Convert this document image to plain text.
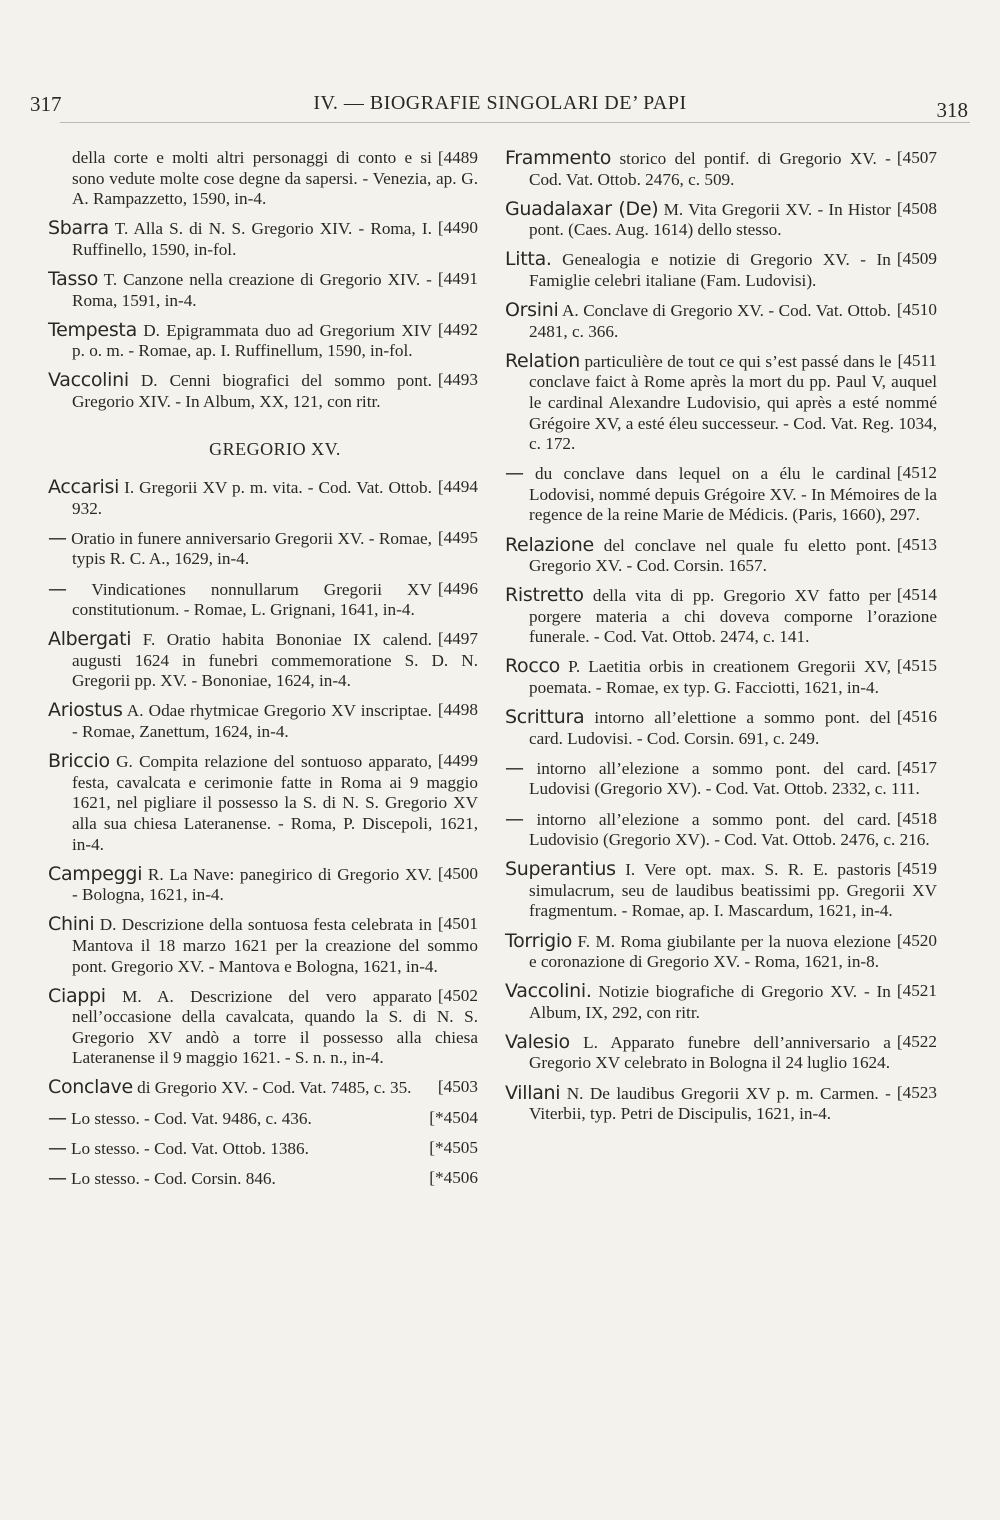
317	IV. — BIOGRAFIE SINGOLARI DE’ PAPI	318
[4489
della corte e molti altri personaggi di conto e si sono vedute molte cose degne da sapersi. - Venezia, ap. G. A. Rampazzetto, 1590, in-4.
[4490
Sbarra T. Alla S. di N. S. Gregorio XIV. - Roma, I. Ruffinello, 1590, in-fol.
[4491
Tasso T. Canzone nella creazione di Gregorio XIV. - Roma, 1591, in-4.
[4492
Tempesta D. Epigrammata duo ad Gregorium XIV p. o. m. - Romae, ap. I. Ruffinellum, 1590, in-fol.
[4493
Vaccolini D. Cenni biografici del sommo pont. Gregorio XIV. - In Album, XX, 121, con ritr.
GREGORIO XV.
[4494
Accarisi I. Gregorii XV p. m. vita. - Cod. Vat. Ottob. 932.
[4495
— Oratio in funere anniversario Gregorii XV. - Romae, typis R. C. A., 1629, in-4.
[4496
— Vindicationes nonnullarum Gregorii XV constitutionum. - Romae, L. Grignani, 1641, in-4.
[4497
Albergati F. Oratio habita Bononiae IX calend. augusti 1624 in funebri commemoratione S. D. N. Gregorii pp. XV. - Bononiae, 1624, in-4.
[4498
Ariostus A. Odae rhytmicae Gregorio XV inscriptae. - Romae, Zanettum, 1624, in-4.
[4499
Briccio G. Compita relazione del sontuoso apparato, festa, cavalcata e cerimonie fatte in Roma ai 9 maggio 1621, nel pigliare il possesso la S. di N. S. Gregorio XV alla sua chiesa Lateranense. - Roma, P. Discepoli, 1621, in-4.
[4500
Campeggi R. La Nave: panegirico di Gregorio XV. - Bologna, 1621, in-4.
[4501
Chini D. Descrizione della sontuosa festa celebrata in Mantova il 18 marzo 1621 per la creazione del sommo pont. Gregorio XV. - Mantova e Bologna, 1621, in-4.
[4502
Ciappi M. A. Descrizione del vero apparato nell’occasione della cavalcata, quando la S. di N. S. Gregorio XV andò a torre il possesso alla chiesa Lateranense il 9 maggio 1621. - S. n. n., in-4.
[4503
Conclave di Gregorio XV. - Cod. Vat. 7485, c. 35.
[*4504
— Lo stesso. - Cod. Vat. 9486, c. 436.
[*4505
— Lo stesso. - Cod. Vat. Ottob. 1386.
[*4506
— Lo stesso. - Cod. Corsin. 846.
[4507
Frammento storico del pontif. di Gregorio XV. - Cod. Vat. Ottob. 2476, c. 509.
[4508
Guadalaxar (De) M. Vita Gregorii XV. - In Histor pont. (Caes. Aug. 1614) dello stesso.
[4509
Litta. Genealogia e notizie di Gregorio XV. - In Famiglie celebri italiane (Fam. Ludovisi).
[4510
Orsini A. Conclave di Gregorio XV. - Cod. Vat. Ottob. 2481, c. 366.
[4511
Relation particulière de tout ce qui s’est passé dans le conclave faict à Rome après la mort du pp. Paul V, auquel le cardinal Alexandre Ludovisio, qui après a esté nommé Grégoire XV, a esté éleu successeur. - Cod. Vat. Reg. 1034, c. 172.
[4512
— du conclave dans lequel on a élu le cardinal Lodovisi, nommé depuis Grégoire XV. - In Mémoires de la regence de la reine Marie de Médicis. (Paris, 1660), 297.
[4513
Relazione del conclave nel quale fu eletto pont. Gregorio XV. - Cod. Corsin. 1657.
[4514
Ristretto della vita di pp. Gregorio XV fatto per porgere materia a chi doveva comporne l’orazione funerale. - Cod. Vat. Ottob. 2474, c. 141.
[4515
Rocco P. Laetitia orbis in creationem Gregorii XV, poemata. - Romae, ex typ. G. Facciotti, 1621, in-4.
[4516
Scrittura intorno all’elettione a sommo pont. del card. Ludovisi. - Cod. Corsin. 691, c. 249.
[4517
— intorno all’elezione a sommo pont. del card. Ludovisi (Gregorio XV). - Cod. Vat. Ottob. 2332, c. 111.
[4518
— intorno all’elezione a sommo pont. del card. Ludovisio (Gregorio XV). - Cod. Vat. Ottob. 2476, c. 216.
[4519
Superantius I. Vere opt. max. S. R. E. pastoris simulacrum, seu de laudibus beatissimi pp. Gregorii XV fragmentum. - Romae, ap. I. Mascardum, 1621, in-4.
[4520
Torrigio F. M. Roma giubilante per la nuova elezione e coronazione di Gregorio XV. - Roma, 1621, in-8.
[4521
Vaccolini. Notizie biografiche di Gregorio XV. - In Album, IX, 292, con ritr.
[4522
Valesio L. Apparato funebre dell’anniversario a Gregorio XV celebrato in Bologna il 24 luglio 1624.
[4523
Villani N. De laudibus Gregorii XV p. m. Carmen. - Viterbii, typ. Petri de Discipulis, 1621, in-4.
